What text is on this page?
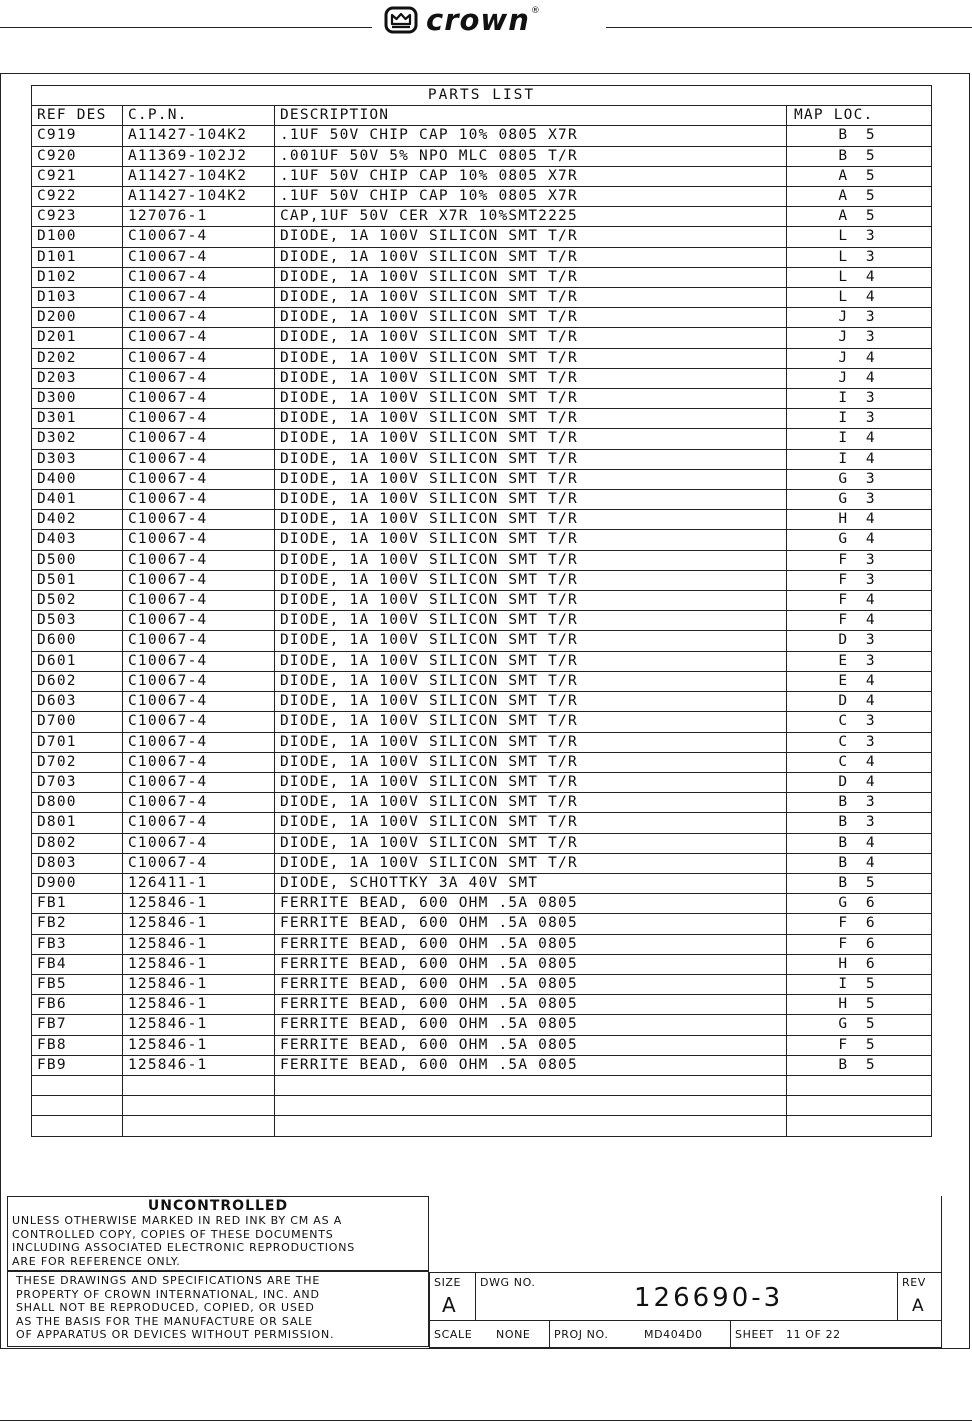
crown ®
PARTS LIST			
REF DES	C.P.N.	DESCRIPTION	MAP LOC.
C919	A11427-104K2	.1UF 50V CHIP CAP 10% 0805 X7R	B 5
C920	A11369-102J2	.001UF 50V 5% NPO MLC 0805 T/R	B 5
C921	A11427-104K2	.1UF 50V CHIP CAP 10% 0805 X7R	A 5
C922	A11427-104K2	.1UF 50V CHIP CAP 10% 0805 X7R	A 5
C923	127076-1	CAP,1UF 50V CER X7R 10%SMT2225	A 5
D100	C10067-4	DIODE, 1A 100V SILICON SMT T/R	L 3
D101	C10067-4	DIODE, 1A 100V SILICON SMT T/R	L 3
D102	C10067-4	DIODE, 1A 100V SILICON SMT T/R	L 4
D103	C10067-4	DIODE, 1A 100V SILICON SMT T/R	L 4
D200	C10067-4	DIODE, 1A 100V SILICON SMT T/R	J 3
D201	C10067-4	DIODE, 1A 100V SILICON SMT T/R	J 3
D202	C10067-4	DIODE, 1A 100V SILICON SMT T/R	J 4
D203	C10067-4	DIODE, 1A 100V SILICON SMT T/R	J 4
D300	C10067-4	DIODE, 1A 100V SILICON SMT T/R	I 3
D301	C10067-4	DIODE, 1A 100V SILICON SMT T/R	I 3
D302	C10067-4	DIODE, 1A 100V SILICON SMT T/R	I 4
D303	C10067-4	DIODE, 1A 100V SILICON SMT T/R	I 4
D400	C10067-4	DIODE, 1A 100V SILICON SMT T/R	G 3
D401	C10067-4	DIODE, 1A 100V SILICON SMT T/R	G 3
D402	C10067-4	DIODE, 1A 100V SILICON SMT T/R	H 4
D403	C10067-4	DIODE, 1A 100V SILICON SMT T/R	G 4
D500	C10067-4	DIODE, 1A 100V SILICON SMT T/R	F 3
D501	C10067-4	DIODE, 1A 100V SILICON SMT T/R	F 3
D502	C10067-4	DIODE, 1A 100V SILICON SMT T/R	F 4
D503	C10067-4	DIODE, 1A 100V SILICON SMT T/R	F 4
D600	C10067-4	DIODE, 1A 100V SILICON SMT T/R	D 3
D601	C10067-4	DIODE, 1A 100V SILICON SMT T/R	E 3
D602	C10067-4	DIODE, 1A 100V SILICON SMT T/R	E 4
D603	C10067-4	DIODE, 1A 100V SILICON SMT T/R	D 4
D700	C10067-4	DIODE, 1A 100V SILICON SMT T/R	C 3
D701	C10067-4	DIODE, 1A 100V SILICON SMT T/R	C 3
D702	C10067-4	DIODE, 1A 100V SILICON SMT T/R	C 4
D703	C10067-4	DIODE, 1A 100V SILICON SMT T/R	D 4
D800	C10067-4	DIODE, 1A 100V SILICON SMT T/R	B 3
D801	C10067-4	DIODE, 1A 100V SILICON SMT T/R	B 3
D802	C10067-4	DIODE, 1A 100V SILICON SMT T/R	B 4
D803	C10067-4	DIODE, 1A 100V SILICON SMT T/R	B 4
D900	126411-1	DIODE, SCHOTTKY 3A 40V SMT	B 5
FB1	125846-1	FERRITE BEAD, 600 OHM .5A 0805	G 6
FB2	125846-1	FERRITE BEAD, 600 OHM .5A 0805	F 6
FB3	125846-1	FERRITE BEAD, 600 OHM .5A 0805	F 6
FB4	125846-1	FERRITE BEAD, 600 OHM .5A 0805	H 6
FB5	125846-1	FERRITE BEAD, 600 OHM .5A 0805	I 5
FB6	125846-1	FERRITE BEAD, 600 OHM .5A 0805	H 5
FB7	125846-1	FERRITE BEAD, 600 OHM .5A 0805	G 5
FB8	125846-1	FERRITE BEAD, 600 OHM .5A 0805	F 5
FB9	125846-1	FERRITE BEAD, 600 OHM .5A 0805	B 5

UNCONTROLLED
UNLESS OTHERWISE MARKED IN RED INK BY CM AS A
CONTROLLED COPY, COPIES OF THESE DOCUMENTS
INCLUDING ASSOCIATED ELECTRONIC REPRODUCTIONS
ARE FOR REFERENCE ONLY.
THESE DRAWINGS AND SPECIFICATIONS ARE THE
PROPERTY OF CROWN INTERNATIONAL, INC. AND
SHALL NOT BE REPRODUCED, COPIED, OR USED
AS THE BASIS FOR THE MANUFACTURE OR SALE
OF APPARATUS OR DEVICES WITHOUT PERMISSION.
SIZE
A
DWG NO.
126690-3
REV
A
SCALE NONE PROJ NO.	MD404D0	SHEET 11 OF 22
